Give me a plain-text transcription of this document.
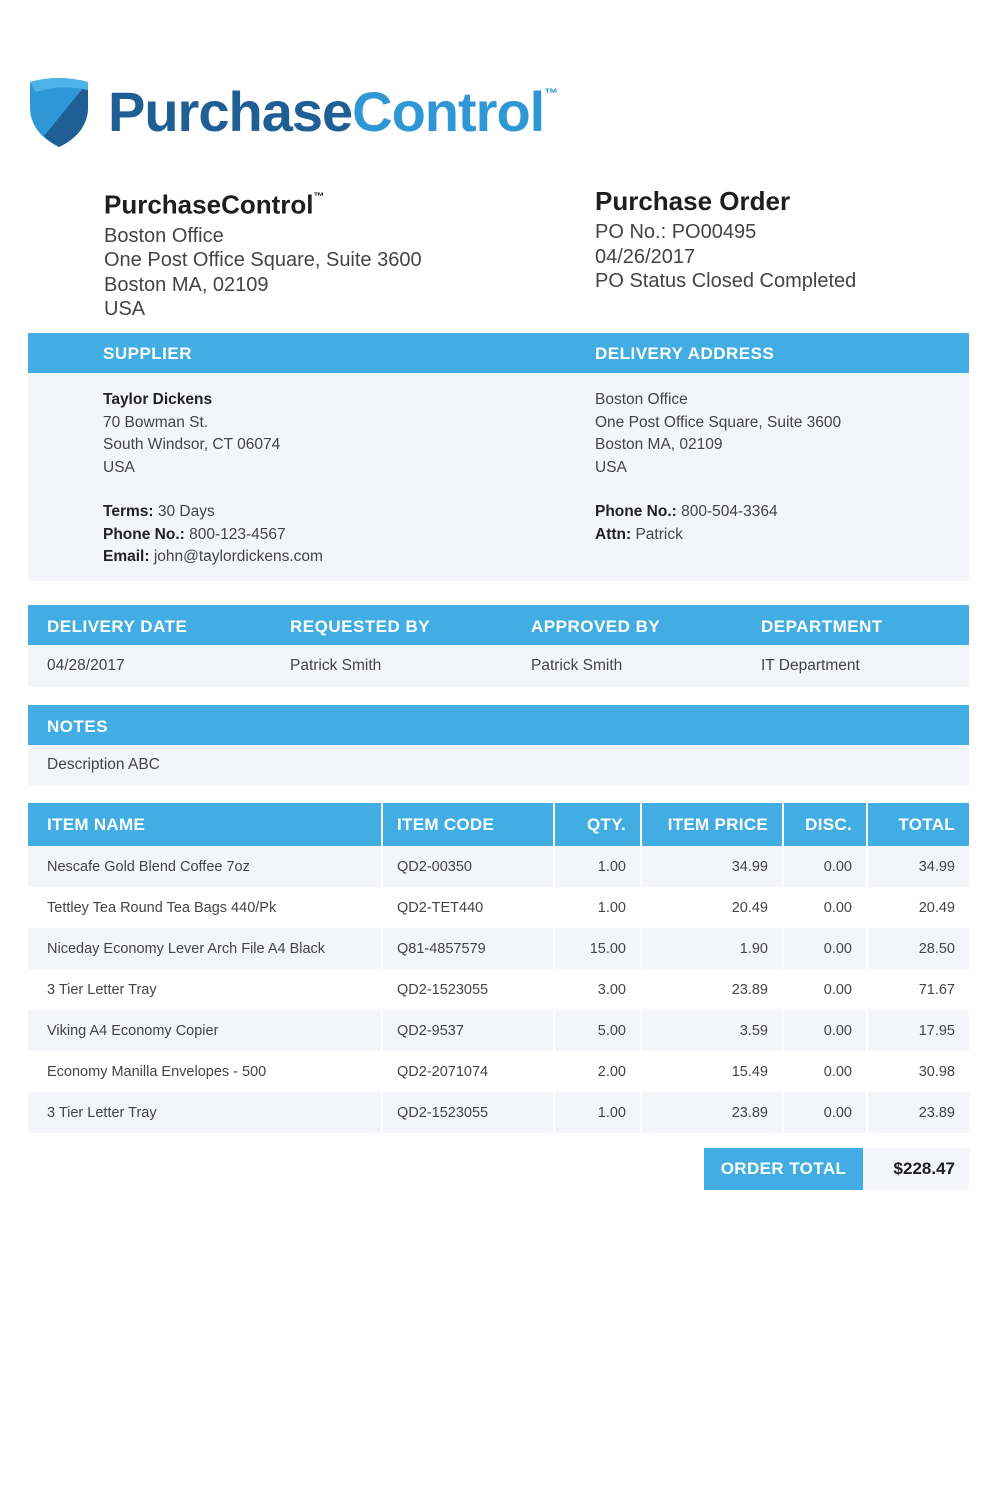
PurchaseControl™
PurchaseControl™
Boston Office
One Post Office Square, Suite 3600
Boston MA, 02109
USA
Purchase Order
PO No.: PO00495
04/26/2017
PO Status Closed Completed
SUPPLIER	DELIVERY ADDRESS
Taylor Dickens
70 Bowman St.
South Windsor, CT 06074
USA
Terms: 30 Days
Phone No.: 800-123-4567
Email: john@taylordickens.com
Boston Office
One Post Office Square, Suite 3600
Boston MA, 02109
USA
Phone No.: 800-504-3364
Attn: Patrick
DELIVERY DATE	REQUESTED BY	APPROVED BY	DEPARTMENT
04/28/2017	Patrick Smith	Patrick Smith	IT Department
NOTES
Description ABC
ITEM NAME	ITEM CODE	QTY.	ITEM PRICE	DISC.	TOTAL
Nescafe Gold Blend Coffee 7oz	QD2-00350	1.00	34.99	0.00	34.99
Tettley Tea Round Tea Bags 440/Pk	QD2-TET440	1.00	20.49	0.00	20.49
Niceday Economy Lever Arch File A4 Black	Q81-4857579	15.00	1.90	0.00	28.50
3 Tier Letter Tray	QD2-1523055	3.00	23.89	0.00	71.67
Viking A4 Economy Copier	QD2-9537	5.00	3.59	0.00	17.95
Economy Manilla Envelopes - 500	QD2-2071074	2.00	15.49	0.00	30.98
3 Tier Letter Tray	QD2-1523055	1.00	23.89	0.00	23.89
ORDER TOTAL	$228.47
